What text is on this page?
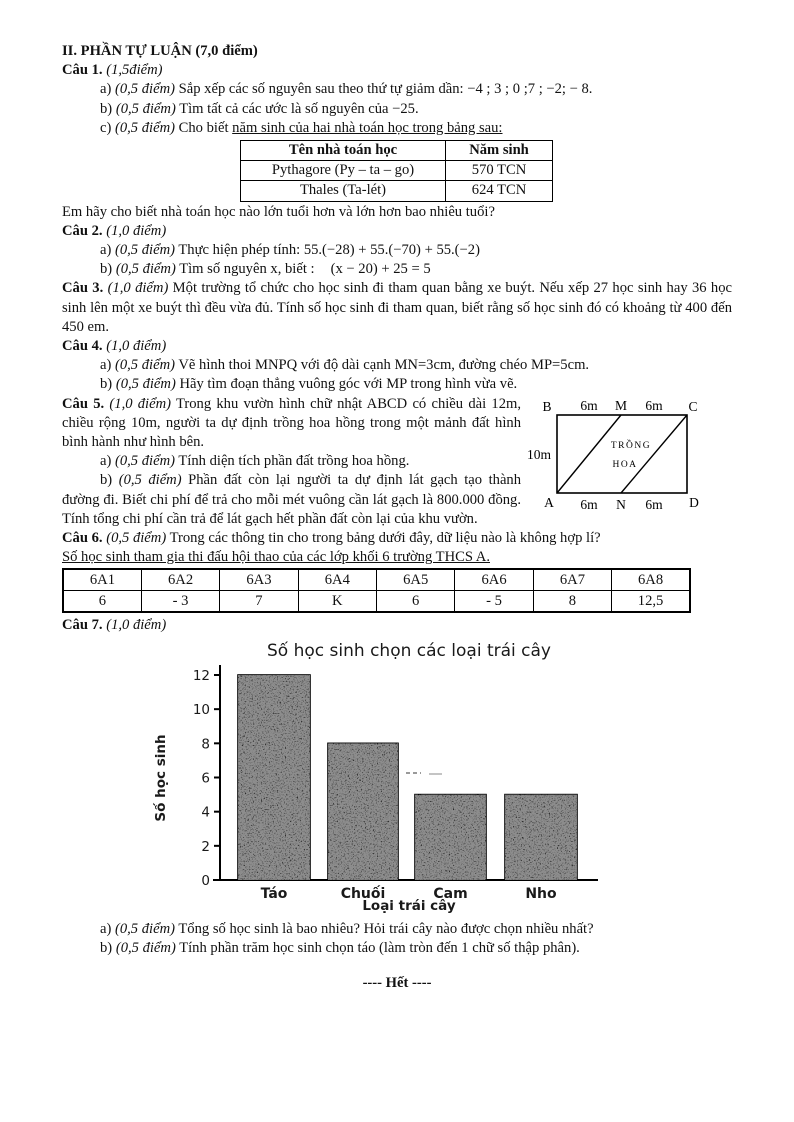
II. PHẦN TỰ LUẬN (7,0 điểm)

Câu 1. (1,5điểm)

a) (0,5 điểm) Sắp xếp các số nguyên sau theo thứ tự giảm dần: −4 ; 3 ; 0 ;7 ; −2; − 8.

b) (0,5 điểm) Tìm tất cả các ước là số nguyên của −25.

c) (0,5 điểm) Cho biết năm sinh của hai nhà toán học trong bảng sau:

Tên nhà toán học	Năm sinh
Pythagore (Py – ta – go)	570 TCN
Thales (Ta-lét)	624 TCN

Em hãy cho biết nhà toán học nào lớn tuổi hơn và lớn hơn bao nhiêu tuổi?

Câu 2. (1,0 điểm)

a) (0,5 điểm) Thực hiện phép tính: 55.(−28) + 55.(−70) + 55.(−2)

b) (0,5 điểm) Tìm số nguyên x, biết : (x − 20) + 25 = 5

Câu 3. (1,0 điểm) Một trường tổ chức cho học sinh đi tham quan bằng xe buýt. Nếu xếp 27 học sinh hay 36 học sinh lên một xe buýt thì đều vừa đủ. Tính số học sinh đi tham quan, biết rằng số học sinh đó có khoảng từ 400 đến 450 em.

Câu 4. (1,0 điểm)

a) (0,5 điểm) Vẽ hình thoi MNPQ với độ dài cạnh MN=3cm, đường chéo MP=5cm.

b) (0,5 điểm) Hãy tìm đoạn thẳng vuông góc với MP trong hình vừa vẽ.

B 6m M 6m C
10m
A 6m N 6m D
TRỒNG
HOA

Câu 5. (1,0 điểm) Trong khu vườn hình chữ nhật ABCD có chiều dài 12m, chiều rộng 10m, người ta dự định trồng hoa hồng trong một mảnh đất hình bình hành như hình bên.

a) (0,5 điểm) Tính diện tích phần đất trồng hoa hồng.

b) (0,5 điểm) Phần đất còn lại người ta dự định lát gạch tạo thành đường đi. Biết chi phí để trả cho mỗi mét vuông cần lát gạch là 800.000 đồng. Tính tổng chi phí cần trả để lát gạch hết phần đất còn lại của khu vườn.

Câu 6. (0,5 điểm) Trong các thông tin cho trong bảng dưới đây, dữ liệu nào là không hợp lí?

Số học sinh tham gia thi đấu hội thao của các lớp khối 6 trường THCS A.

6A1	6A2	6A3	6A4	6A5	6A6	6A7	6A8
6	- 3	7	K	6	- 5	8	12,5

Câu 7. (1,0 điểm)

Số học sinh chọn các loại trái cây
0
2
4
6
8
10
12
Táo	Chuối	Cam	Nho
Số học sinh
Loại trái cây

a) (0,5 điểm) Tổng số học sinh là bao nhiêu? Hỏi trái cây nào được chọn nhiều nhất?

b) (0,5 điểm) Tính phần trăm học sinh chọn táo (làm tròn đến 1 chữ số thập phân).

---- Hết ----
